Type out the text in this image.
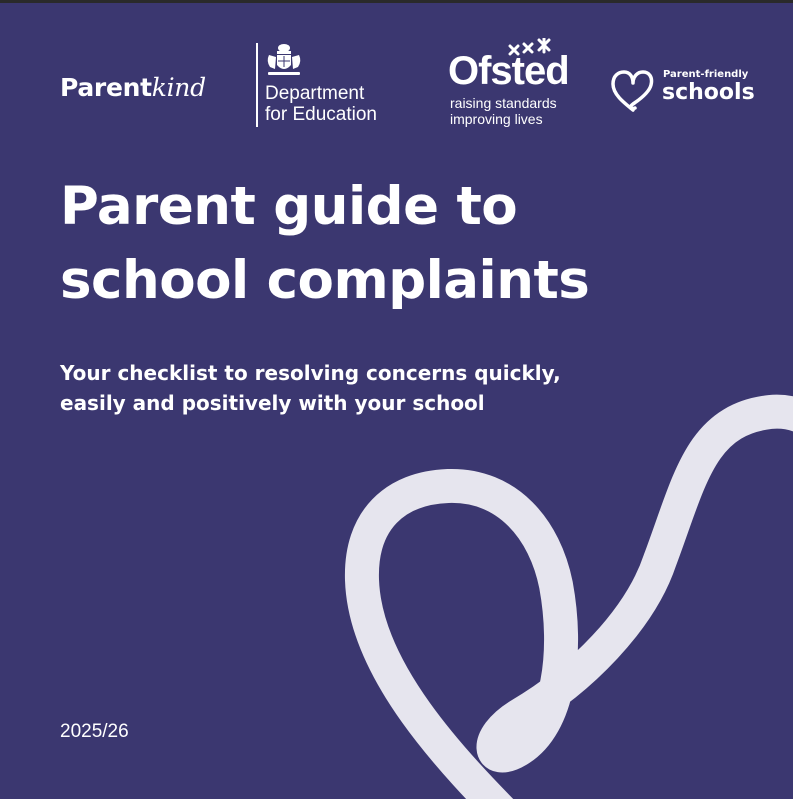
Parentkind	Department
for Education
Ofsted
raising standards
improving lives
Parent-friendly
schools
Parent guide to
school complaints

Your checklist to resolving concerns quickly,
easily and positively with your school

2025/26
